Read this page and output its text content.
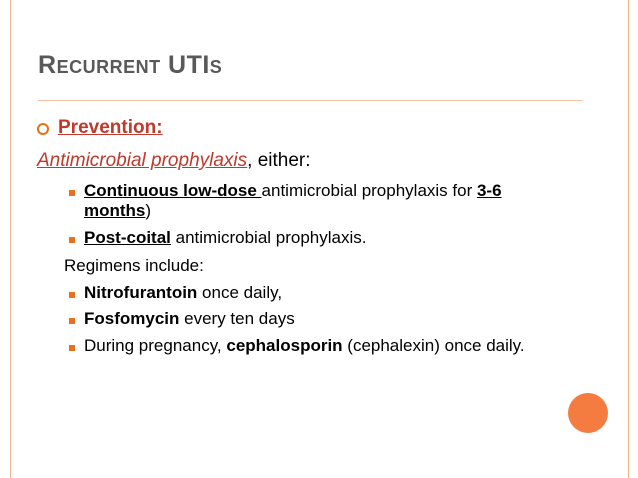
RECURRENT UTIS
Prevention:
Antimicrobial prophylaxis, either:
Continuous low-dose antimicrobial prophylaxis for 3-6
months)
Post-coital antimicrobial prophylaxis.
Regimens include:
Nitrofurantoin once daily,
Fosfomycin every ten days
During pregnancy, cephalosporin (cephalexin) once daily.
